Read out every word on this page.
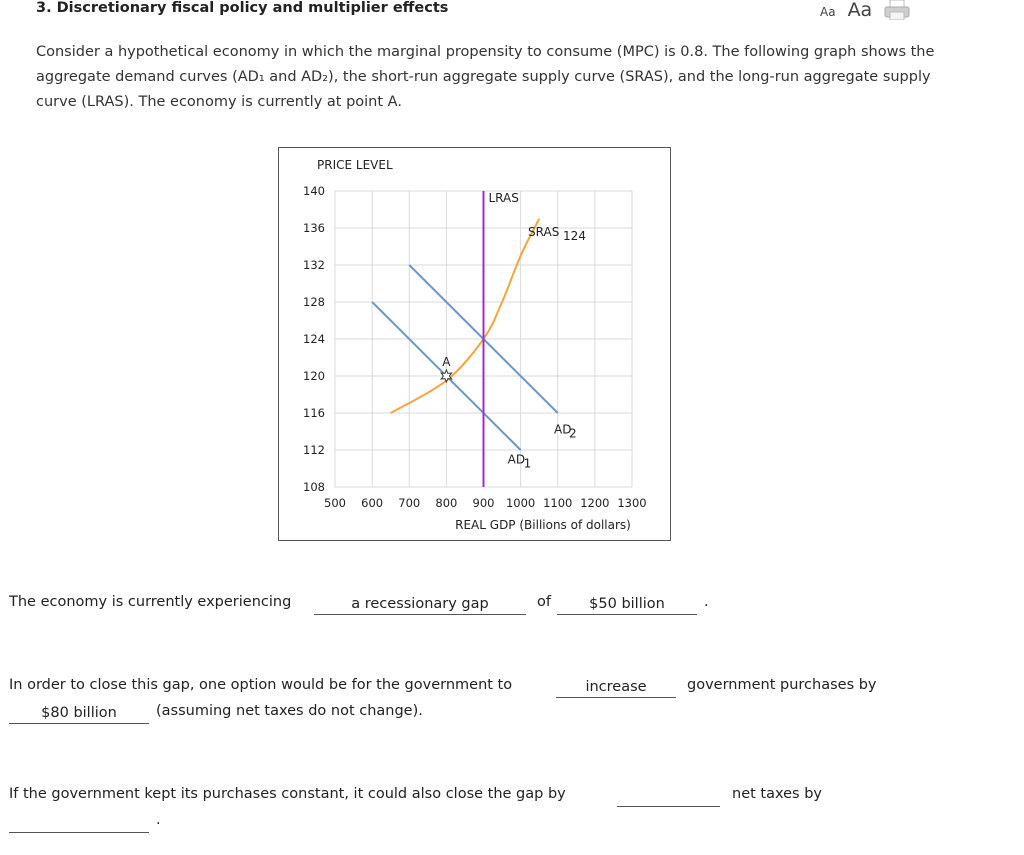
3. Discretionary fiscal policy and multiplier effects	Aa Aa
Consider a hypothetical economy in which the marginal propensity to consume (MPC) is 0.8. The following graph shows the aggregate demand curves (AD₁ and AD₂), the short-run aggregate supply curve (SRAS), and the long-run aggregate supply curve (LRAS). The economy is currently at point A.
PRICE LEVEL
108
112
116
120
124
128
132
136
140
500 600 700 800 900 1000 1100 1200 1300
REAL GDP (Billions of dollars)
A
LRAS
SRAS 124
AD
2
AD
1
The economy is currently experiencing	a recessionary gap	of	$50 billion	.
In order to close this gap, one option would be for the government to	increase	government purchases by
$80 billion	(assuming net taxes do not change).
If the government kept its purchases constant, it could also close the gap by	net taxes by
.
